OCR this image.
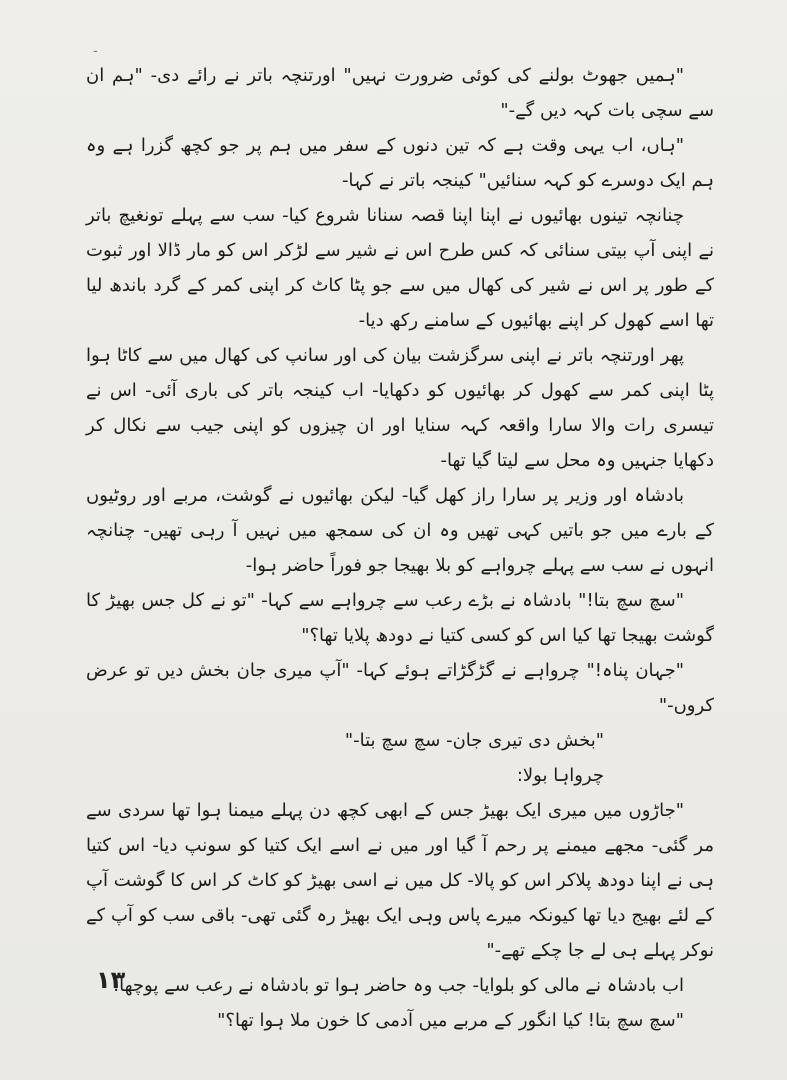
-

"ہمیں جھوٹ بولنے کی کوئی ضرورت نہیں" اورتنچہ باتر نے رائے دی- "ہم ان سے سچی بات کہہ دیں گے-"

"ہاں، اب یہی وقت ہے کہ تین دنوں کے سفر میں ہم پر جو کچھ گزرا ہے وہ ہم ایک دوسرے کو کہہ سنائیں" کینجہ باتر نے کہا-

چنانچہ تینوں بھائیوں نے اپنا اپنا قصہ سنانا شروع کیا- سب سے پہلے تونغیچ باتر نے اپنی آپ بیتی سنائی کہ کس طرح اس نے شیر سے لڑکر اس کو مار ڈالا اور ثبوت کے طور پر اس نے شیر کی کھال میں سے جو پٹا کاٹ کر اپنی کمر کے گرد باندھ لیا تھا اسے کھول کر اپنے بھائیوں کے سامنے رکھ دیا-

پھر اورتنچہ باتر نے اپنی سرگزشت بیان کی اور سانپ کی کھال میں سے کاٹا ہوا پٹا اپنی کمر سے کھول کر بھائیوں کو دکھایا- اب کینجہ باتر کی باری آئی- اس نے تیسری رات والا سارا واقعہ کہہ سنایا اور ان چیزوں کو اپنی جیب سے نکال کر دکھایا جنہیں وہ محل سے لیتا گیا تھا-

بادشاہ اور وزیر پر سارا راز کھل گیا- لیکن بھائیوں نے گوشت، مربے اور روٹیوں کے بارے میں جو باتیں کہی تھیں وہ ان کی سمجھ میں نہیں آ رہی تھیں- چنانچہ انہوں نے سب سے پہلے چرواہے کو بلا بھیجا جو فوراً حاضر ہوا-

"سچ سچ بتا!" بادشاہ نے بڑے رعب سے چرواہے سے کہا- "تو نے کل جس بھیڑ کا گوشت بھیجا تھا کیا اس کو کسی کتیا نے دودھ پلایا تھا؟"

"جہان پناہ!" چرواہے نے گڑگڑاتے ہوئے کہا- "آپ میری جان بخش دیں تو عرض کروں-"

"بخش دی تیری جان- سچ سچ بتا-"

چرواہا بولا:

"جاڑوں میں میری ایک بھیڑ جس کے ابھی کچھ دن پہلے میمنا ہوا تھا سردی سے مر گئی- مجھے میمنے پر رحم آ گیا اور میں نے اسے ایک کتیا کو سونپ دیا- اس کتیا ہی نے اپنا دودھ پلاکر اس کو پالا- کل میں نے اسی بھیڑ کو کاٹ کر اس کا گوشت آپ کے لئے بھیج دیا تھا کیونکہ میرے پاس وہی ایک بھیڑ رہ گئی تھی- باقی سب کو آپ کے نوکر پہلے ہی لے جا چکے تھے-"

اب بادشاہ نے مالی کو بلوایا- جب وہ حاضر ہوا تو بادشاہ نے رعب سے پوچھا:

"سچ سچ بتا! کیا انگور کے مربے میں آدمی کا خون ملا ہوا تھا؟"

۱۳
